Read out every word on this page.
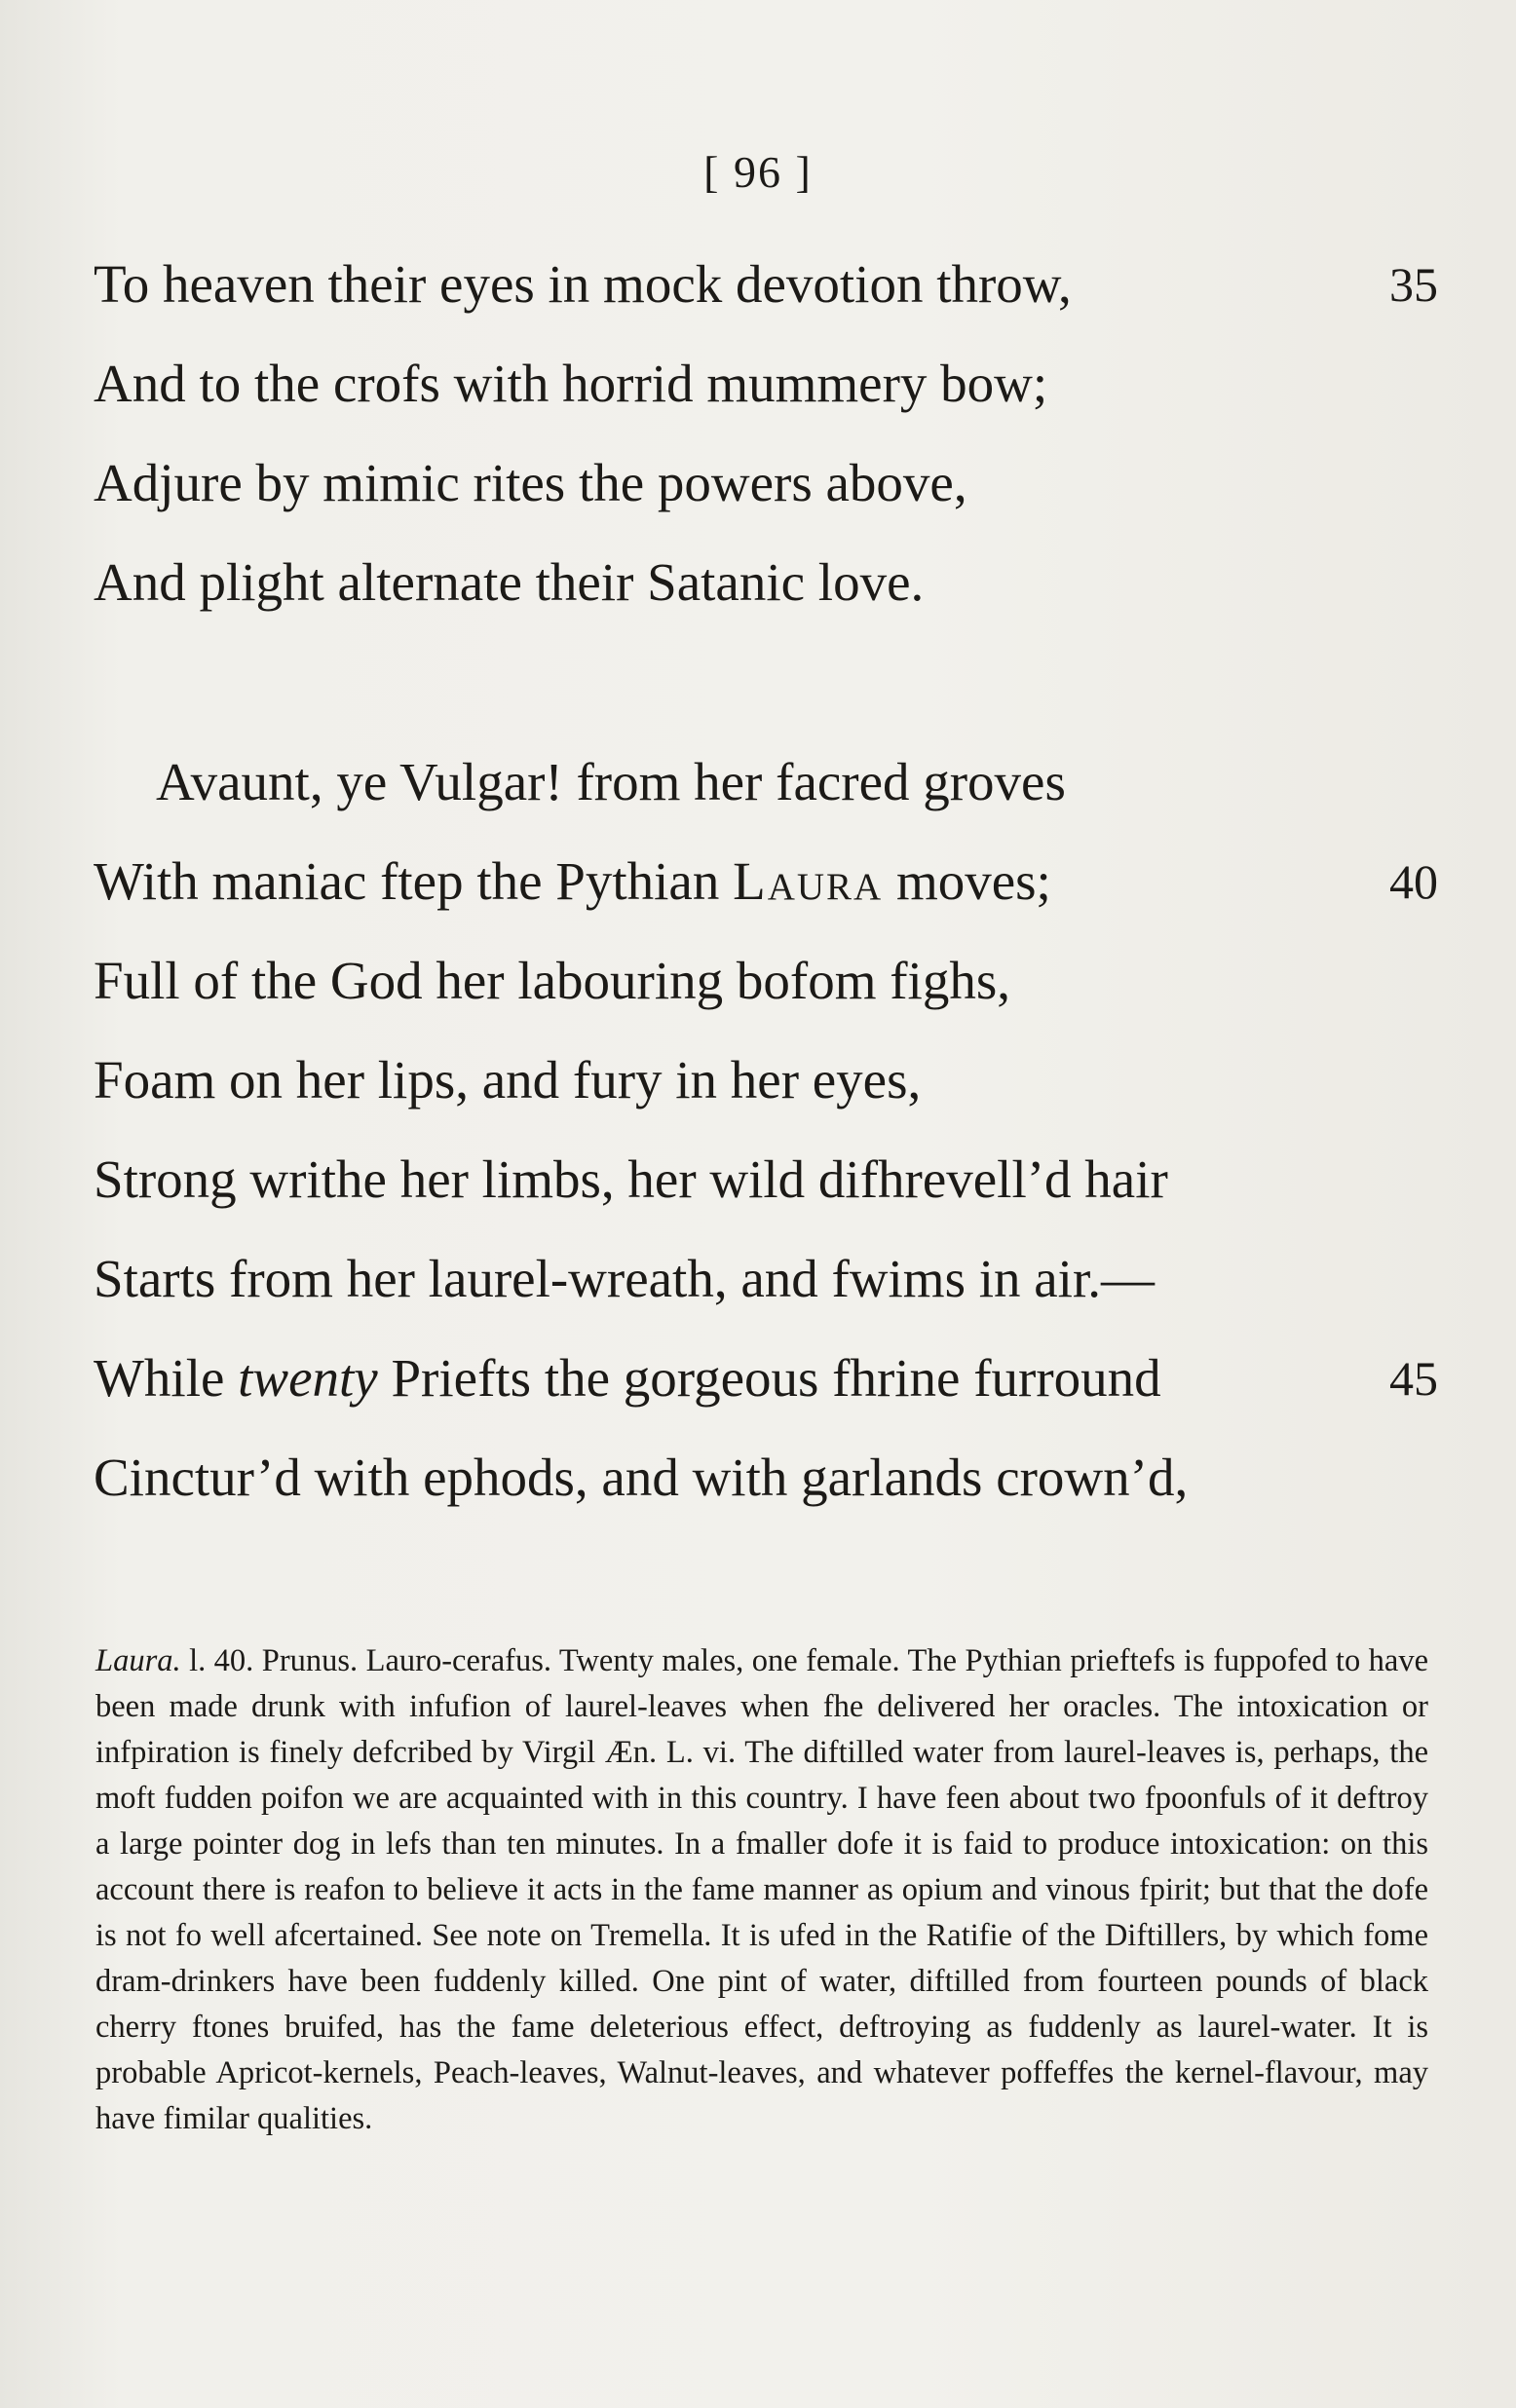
[ 96 ]
To heaven their eyes in mock devotion throw,	35
And to the crofs with horrid mummery bow;
Adjure by mimic rites the powers above,
And plight alternate their Satanic love.
Avaunt, ye Vulgar! from her facred groves
With maniac ftep the Pythian Laura moves;	40
Full of the God her labouring bofom fighs,
Foam on her lips, and fury in her eyes,
Strong writhe her limbs, her wild difhrevell’d hair
Starts from her laurel-wreath, and fwims in air.—
While twenty Priefts the gorgeous fhrine furround	45
Cinctur’d with ephods, and with garlands crown’d,
Laura. l. 40. Prunus. Lauro-cerafus. Twenty males, one female. The Pythian prieftefs is fuppofed to have been made drunk with infufion of laurel-leaves when fhe delivered her oracles. The intoxication or infpiration is finely defcribed by Virgil Æn. L. vi. The diftilled water from laurel-leaves is, perhaps, the moft fudden poifon we are acquainted with in this country. I have feen about two fpoonfuls of it deftroy a large pointer dog in lefs than ten minutes. In a fmaller dofe it is faid to produce intoxication: on this account there is reafon to believe it acts in the fame manner as opium and vinous fpirit; but that the dofe is not fo well afcertained. See note on Tremella. It is ufed in the Ratifie of the Diftillers, by which fome dram-drinkers have been fuddenly killed. One pint of water, diftilled from fourteen pounds of black cherry ftones bruifed, has the fame deleterious effect, deftroying as fuddenly as laurel-water. It is probable Apricot-kernels, Peach-leaves, Walnut-leaves, and whatever poffeffes the kernel-flavour, may have fimilar qualities.
